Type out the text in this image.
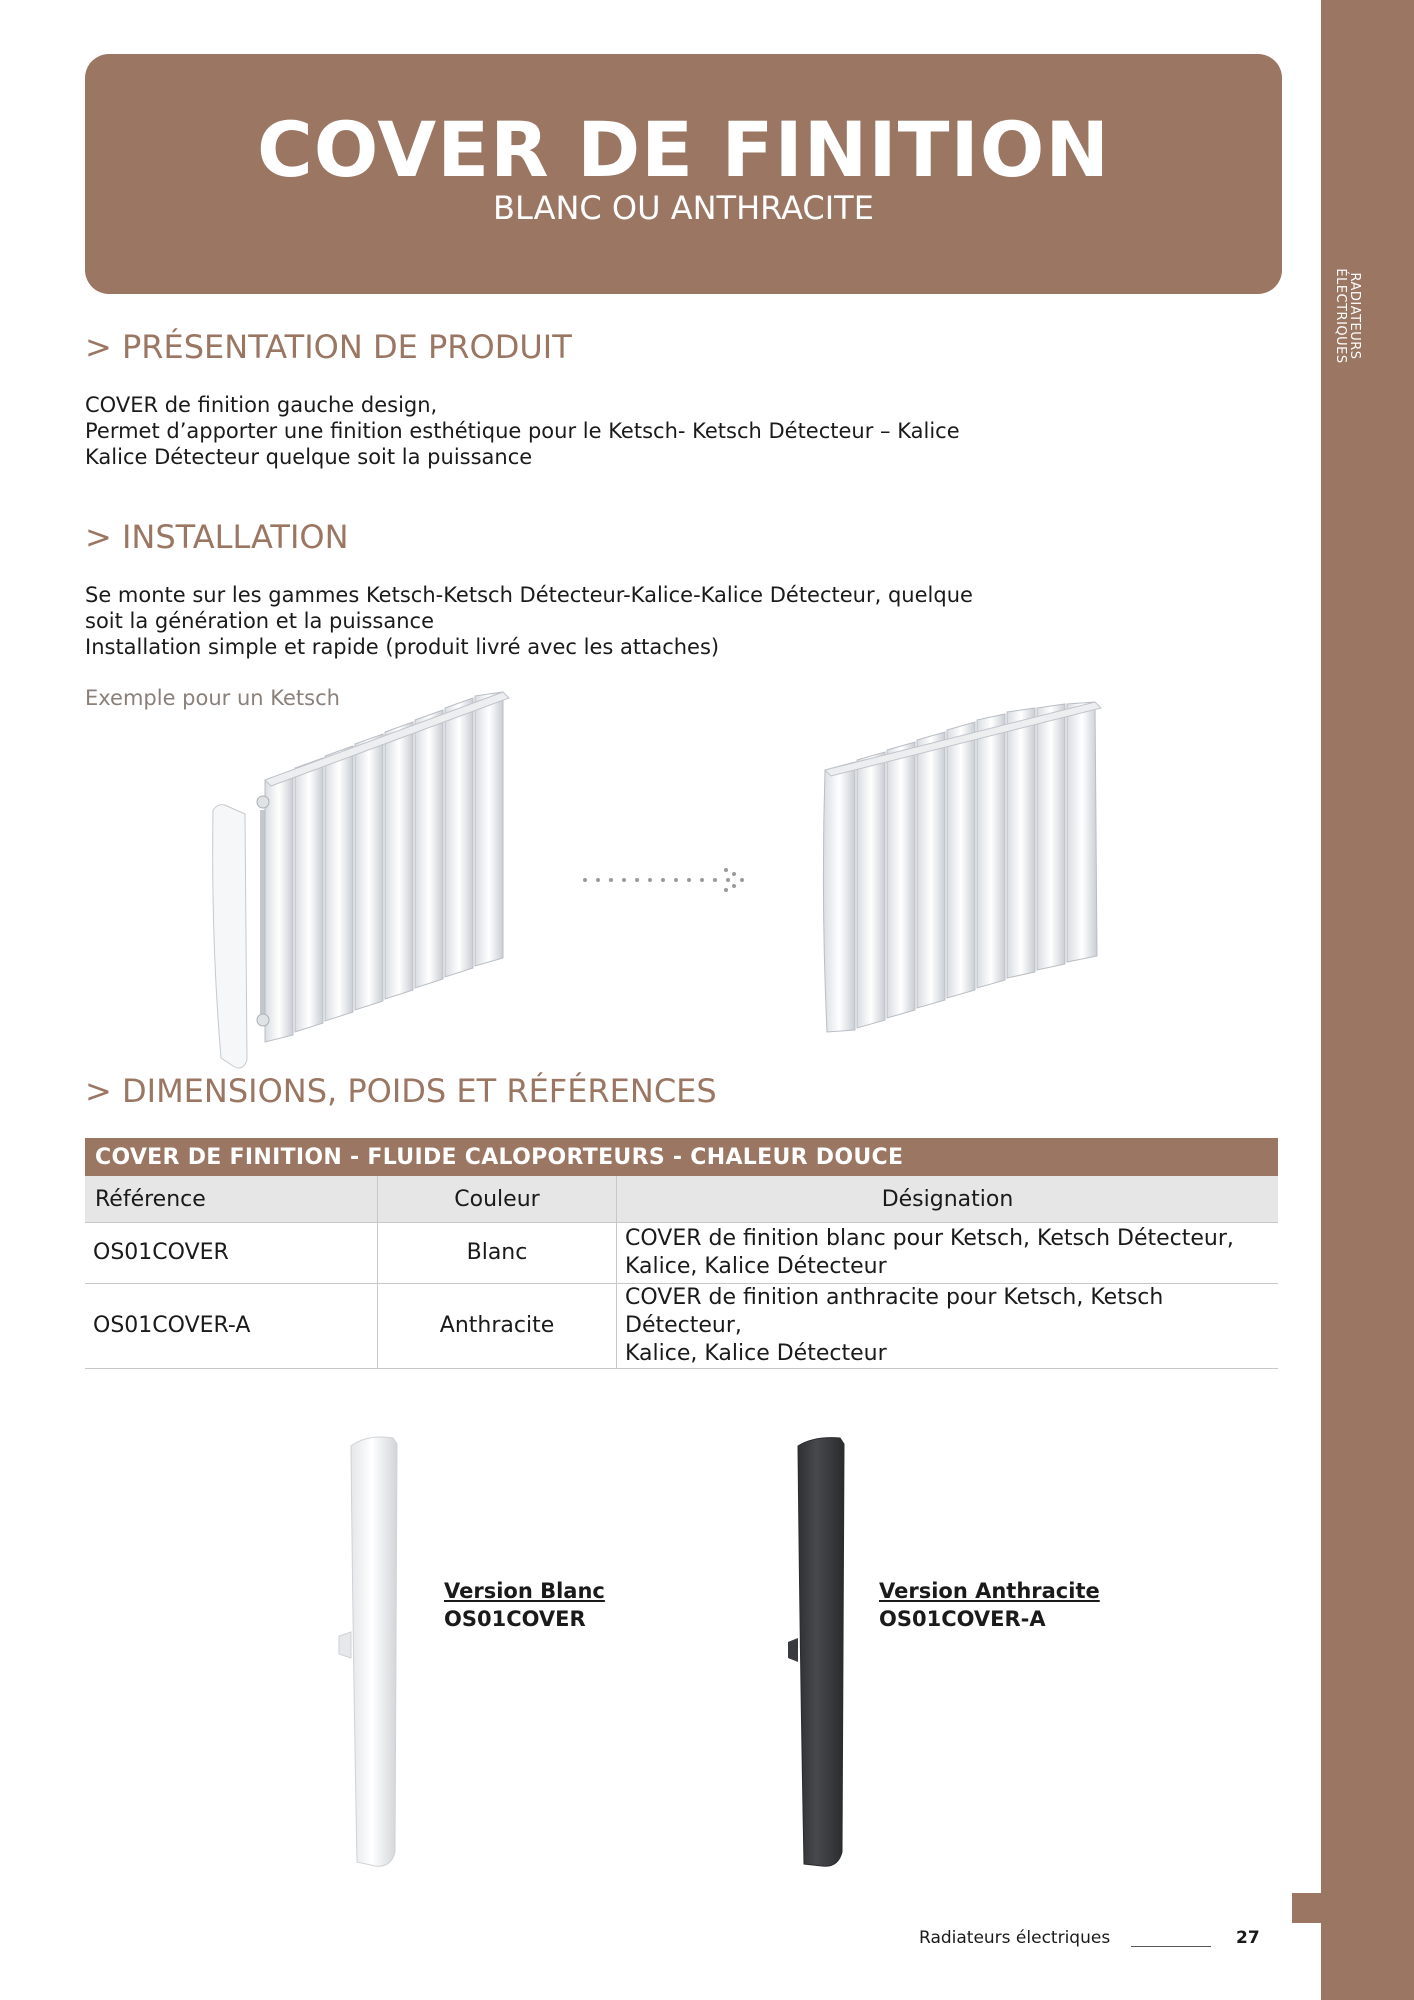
RADIATEURS
ÉLECTRIQUES
COVER DE FINITION
BLANC OU ANTHRACITE
> PRÉSENTATION DE PRODUIT

COVER de finition gauche design,
Permet d’apporter une finition esthétique pour le Ketsch- Ketsch Détecteur – Kalice
Kalice Détecteur quelque soit la puissance

> INSTALLATION

Se monte sur les gammes Ketsch-Ketsch Détecteur-Kalice-Kalice Détecteur, quelque
soit la génération et la puissance
Installation simple et rapide (produit livré avec les attaches)

Exemple pour un Ketsch
> DIMENSIONS, POIDS ET RÉFÉRENCES
COVER DE FINITION - FLUIDE CALOPORTEURS - CHALEUR DOUCE		
Référence	Couleur	Désignation
OS01COVER	Blanc	COVER de finition blanc pour Ketsch, Ketsch Détecteur,
Kalice, Kalice Détecteur

OS01COVER-A	Anthracite	COVER de finition anthracite pour Ketsch, Ketsch Détecteur,
Kalice, Kalice Détecteur
Version Blanc
OS01COVER
Version Anthracite
OS01COVER-A
Radiateurs électriques	27
